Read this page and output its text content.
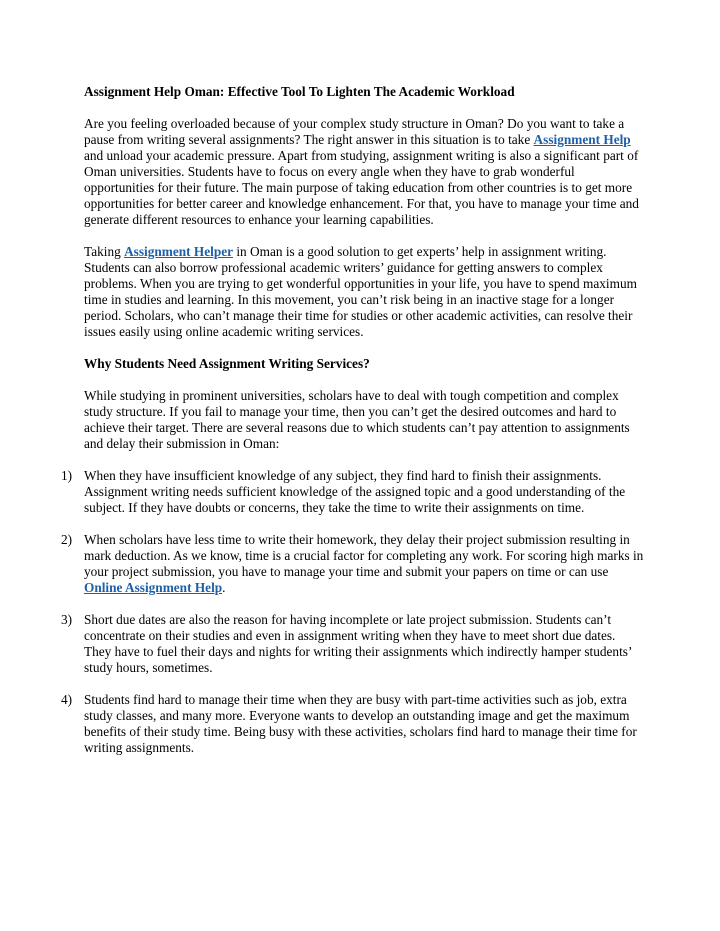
Assignment Help Oman: Effective Tool To Lighten The Academic Workload

Are you feeling overloaded because of your complex study structure in Oman? Do you want to take a pause from writing several assignments? The right answer in this situation is to take Assignment Help and unload your academic pressure. Apart from studying, assignment writing is also a significant part of Oman universities. Students have to focus on every angle when they have to grab wonderful opportunities for their future. The main purpose of taking education from other countries is to get more opportunities for better career and knowledge enhancement. For that, you have to manage your time and generate different resources to enhance your learning capabilities.

Taking Assignment Helper in Oman is a good solution to get experts’ help in assignment writing. Students can also borrow professional academic writers’ guidance for getting answers to complex problems. When you are trying to get wonderful opportunities in your life, you have to spend maximum time in studies and learning. In this movement, you can’t risk being in an inactive stage for a longer period. Scholars, who can’t manage their time for studies or other academic activities, can resolve their issues easily using online academic writing services.

Why Students Need Assignment Writing Services?

While studying in prominent universities, scholars have to deal with tough competition and complex study structure. If you fail to manage your time, then you can’t get the desired outcomes and hard to achieve their target. There are several reasons due to which students can’t pay attention to assignments and delay their submission in Oman:

1) When they have insufficient knowledge of any subject, they find hard to finish their assignments. Assignment writing needs sufficient knowledge of the assigned topic and a good understanding of the subject. If they have doubts or concerns, they take the time to write their assignments on time.
2) When scholars have less time to write their homework, they delay their project submission resulting in mark deduction. As we know, time is a crucial factor for completing any work. For scoring high marks in your project submission, you have to manage your time and submit your papers on time or can use Online Assignment Help.
3) Short due dates are also the reason for having incomplete or late project submission. Students can’t concentrate on their studies and even in assignment writing when they have to meet short due dates. They have to fuel their days and nights for writing their assignments which indirectly hamper students’ study hours, sometimes.
4) Students find hard to manage their time when they are busy with part-time activities such as job, extra study classes, and many more. Everyone wants to develop an outstanding image and get the maximum benefits of their study time. Being busy with these activities, scholars find hard to manage their time for writing assignments.
